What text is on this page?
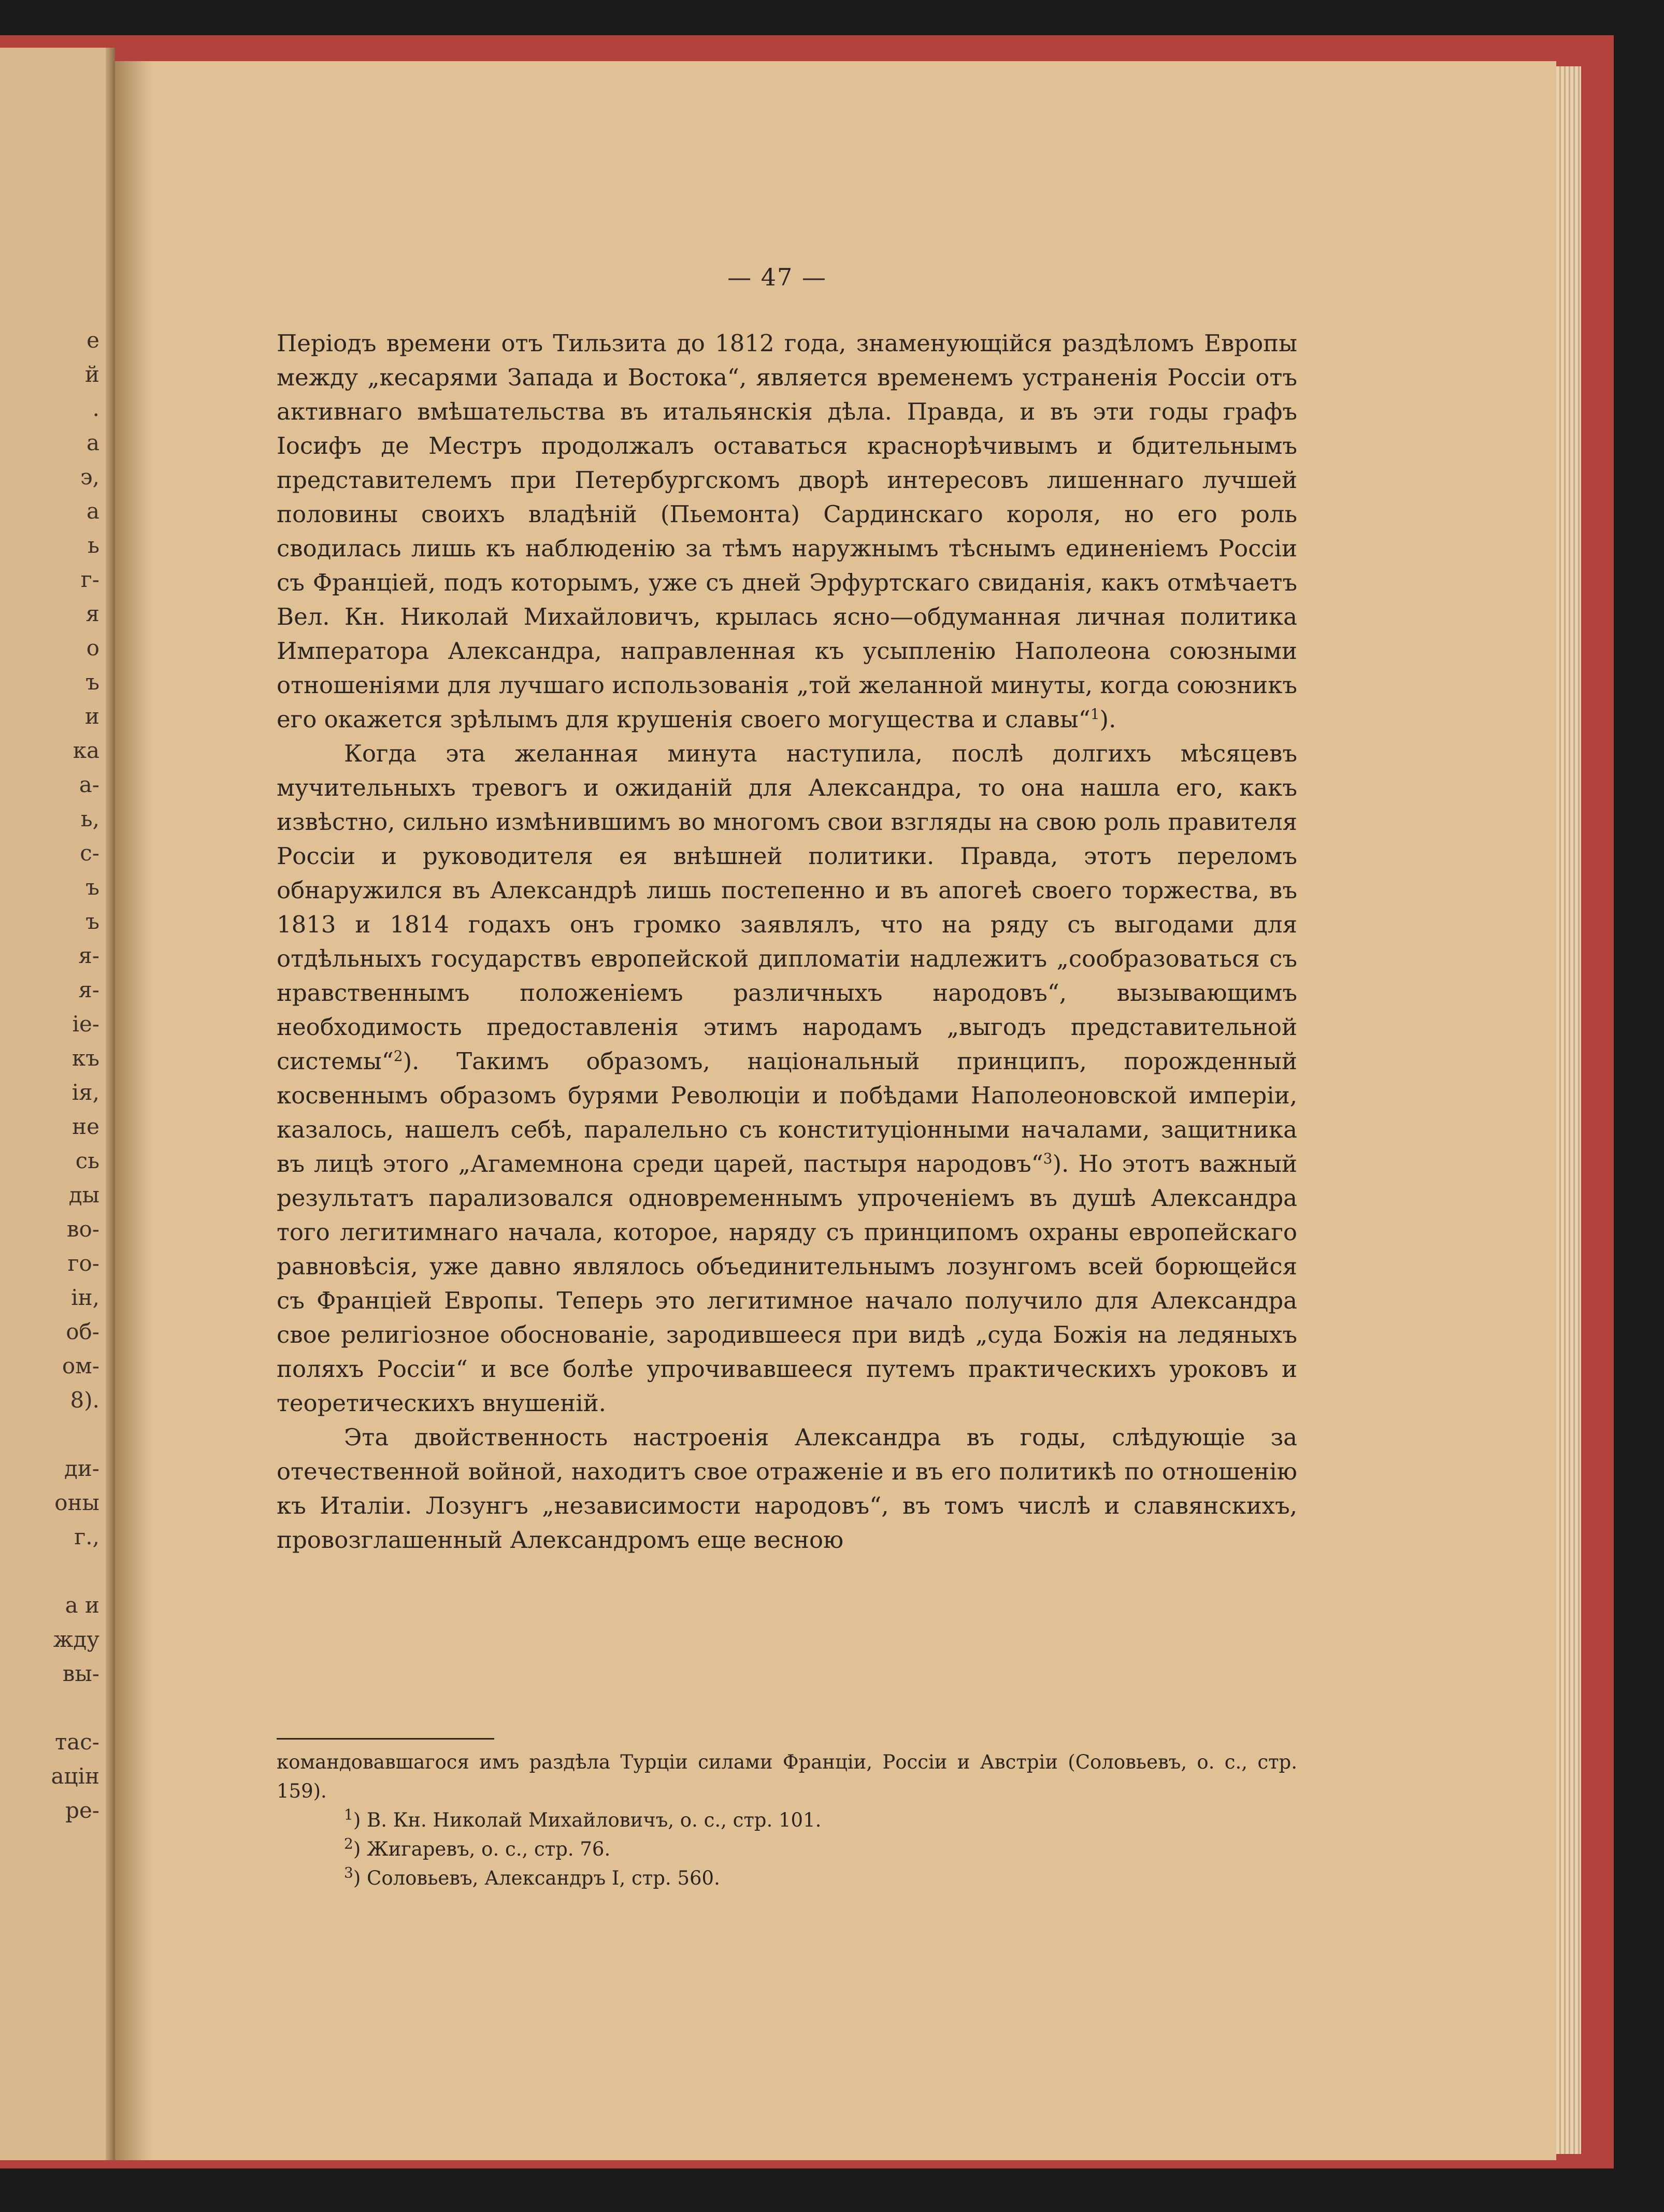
е
й
.
а
э,
а
ь
г-
я
о
ъ
и
ка
а-
ь,
с-
ъ
ъ
я-
я-
іе-
къ
ія,
не
сь
ды
во-
го-
ін,
об-
ом-
8).
ди-
оны
г.,
а и
жду
вы-
тас-
ацін
ре-
— 47 —

Періодъ времени отъ Тильзита до 1812 года, знаменующійся раздѣломъ Европы между „кесарями Запада и Востока“, является временемъ устраненія Россіи отъ активнаго вмѣшательства въ итальянскія дѣла. Правда, и въ эти годы графъ Іосифъ де Местръ продолжалъ оставаться краснорѣчивымъ и бдительнымъ представителемъ при Петербургскомъ дворѣ интересовъ лишеннаго лучшей половины своихъ владѣній (Пьемонта) Сардинскаго короля, но его роль сводилась лишь къ наблюденію за тѣмъ наружнымъ тѣснымъ единеніемъ Россіи съ Франціей, подъ которымъ, уже съ дней Эрфуртскаго свиданія, какъ отмѣчаетъ Вел. Кн. Николай Михайловичъ, крылась ясно—обдуманная личная политика Императора Александра, направленная къ усыпленію Наполеона союзными отношеніями для лучшаго использованія „той желанной минуты, когда союзникъ его окажется зрѣлымъ для крушенія своего могущества и славы“$^1$).

Когда эта желанная минута наступила, послѣ долгихъ мѣсяцевъ мучительныхъ тревогъ и ожиданій для Александра, то она нашла его, какъ извѣстно, сильно измѣнившимъ во многомъ свои взгляды на свою роль правителя Россіи и руководителя ея внѣшней политики. Правда, этотъ переломъ обнаружился въ Александрѣ лишь постепенно и въ апогеѣ своего торжества, въ 1813 и 1814 годахъ онъ громко заявлялъ, что на ряду съ выгодами для отдѣльныхъ государствъ европейской дипломатіи надлежитъ „сообразоваться съ нравственнымъ положеніемъ различныхъ народовъ“, вызывающимъ необходимость предоставленія этимъ народамъ „выгодъ представительной системы“$^2$). Такимъ образомъ, національный принципъ, порожденный косвеннымъ образомъ бурями Революціи и побѣдами Наполеоновской имперіи, казалось, нашелъ себѣ, паралельно съ конституціонными началами, защитника въ лицѣ этого „Агамемнона среди царей, пастыря народовъ“$^3$). Но этотъ важный результатъ парализовался одновременнымъ упроченіемъ въ душѣ Александра того легитимнаго начала, которое, наряду съ принципомъ охраны европейскаго равновѣсія, уже давно являлось объединительнымъ лозунгомъ всей борющейся съ Франціей Европы. Теперь это легитимное начало получило для Александра свое религіозное обоснованіе, зародившееся при видѣ „суда Божія на ледяныхъ поляхъ Россіи“ и все болѣе упрочивавшееся путемъ практическихъ уроковъ и теоретическихъ внушеній.

Эта двойственность настроенія Александра въ годы, слѣдующіе за отечественной войной, находитъ свое отраженіе и въ его политикѣ по отношенію къ Италіи. Лозунгъ „независимости народовъ“, въ томъ числѣ и славянскихъ, провозглашенный Александромъ еще весною

командовавшагося имъ раздѣла Турціи силами Франціи, Россіи и Австріи (Соловьевъ, о. с., стр. 159).

$^1$) В. Кн. Николай Михайловичъ, о. с., стр. 101.

$^2$) Жигаревъ, о. с., стр. 76.

$^3$) Соловьевъ, Александръ I, стр. 560.
